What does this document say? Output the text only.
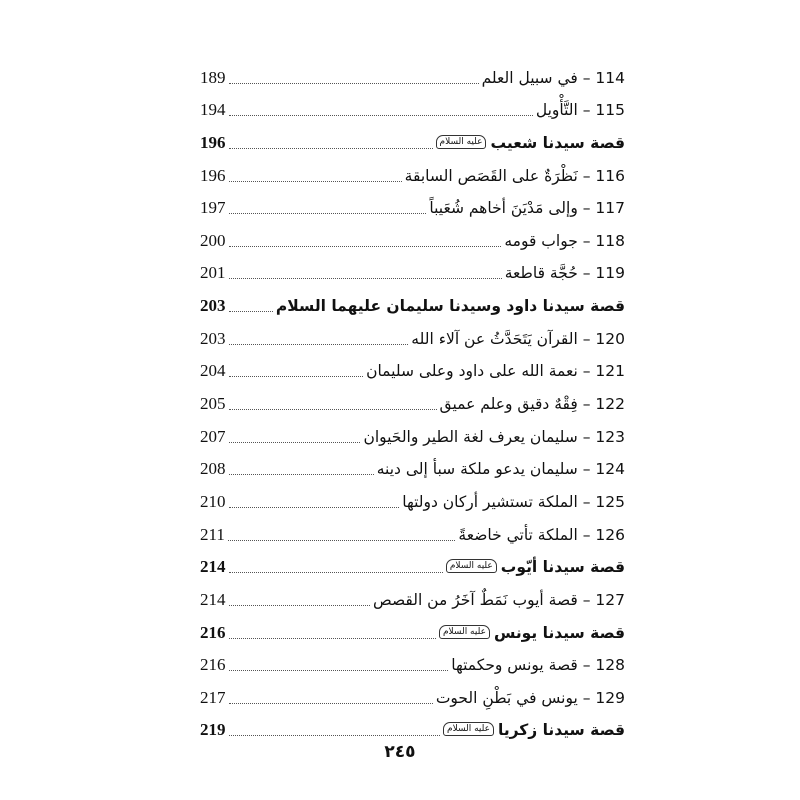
189	114 – في سبيل العلم
194	115 – التَّأْويل
196	قصة سيدنا شعيبعليه السلام
196	116 – نَظْرَةٌ على القَصَص السابقة
197	117 – وإلى مَدْيَنَ أخاهم شُعَيباً
200	118 – جواب قومه
201	119 – حُجَّة قاطعة
203	قصة سيدنا داود وسيدنا سليمان عليهما السلام
203	120 – القرآن يَتَحَدَّثُ عن آلاء الله
204	121 – نعمة الله على داود وعلى سليمان
205	122 – فِقْهٌ دقيق وعلم عميق
207	123 – سليمان يعرف لغة الطير والحَيوان
208	124 – سليمان يدعو ملكة سبأ إلى دينه
210	125 – الملكة تستشير أركان دولتها
211	126 – الملكة تأتي خاضعةً
214	قصة سيدنا أيّوبعليه السلام
214	127 – قصة أيوب نَمَطٌ آخَرُ من القصص
216	قصة سيدنا يونسعليه السلام
216	128 – قصة يونس وحكمتها
217	129 – يونس في بَطْنِ الحوت
219	قصة سيدنا زكرياعليه السلام
٢٤٥
